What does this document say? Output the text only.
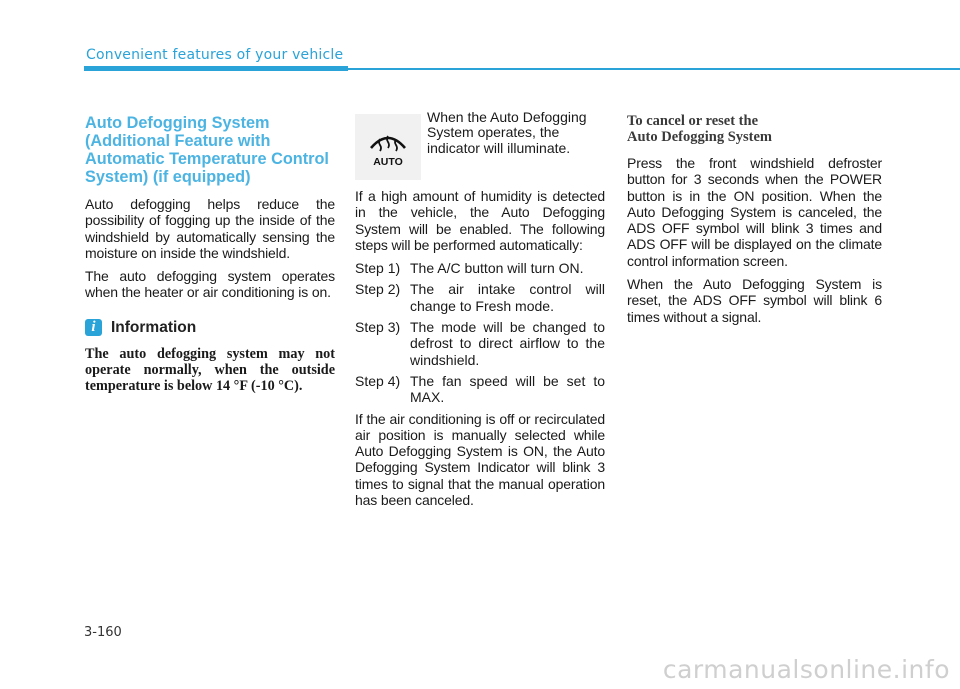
Convenient features of your vehicle
Auto Defogging System (Additional Feature with Automatic Temperature Control System) (if equipped)

Auto defogging helps reduce the possibility of fogging up the inside of the windshield by automatically sensing the moisture on inside the windshield.

The auto defogging system operates when the heater or air conditioning is on.

i Information

The auto defogging system may not operate normally, when the outside temperature is below 14 °F (-10 °C).

AUTO

When the Auto Defogging System operates, the indicator will illuminate.

If a high amount of humidity is detected in the vehicle, the Auto Defogging System will be enabled. The following steps will be performed automatically:

Step 1) The A/C button will turn ON.
Step 2) The air intake control will change to Fresh mode.
Step 3) The mode will be changed to defrost to direct airflow to the windshield.
Step 4) The fan speed will be set to MAX.

If the air conditioning is off or recirculated air position is manually selected while Auto Defogging System is ON, the Auto Defogging System Indicator will blink 3 times to signal that the manual operation has been canceled.

To cancel or reset the
Auto Defogging System

Press the front windshield defroster button for 3 seconds when the POWER button is in the ON position. When the Auto Defogging System is canceled, the ADS OFF symbol will blink 3 times and ADS OFF will be displayed on the climate control information screen.

When the Auto Defogging System is reset, the ADS OFF symbol will blink 6 times without a signal.

3-160
carmanualsonline.info
